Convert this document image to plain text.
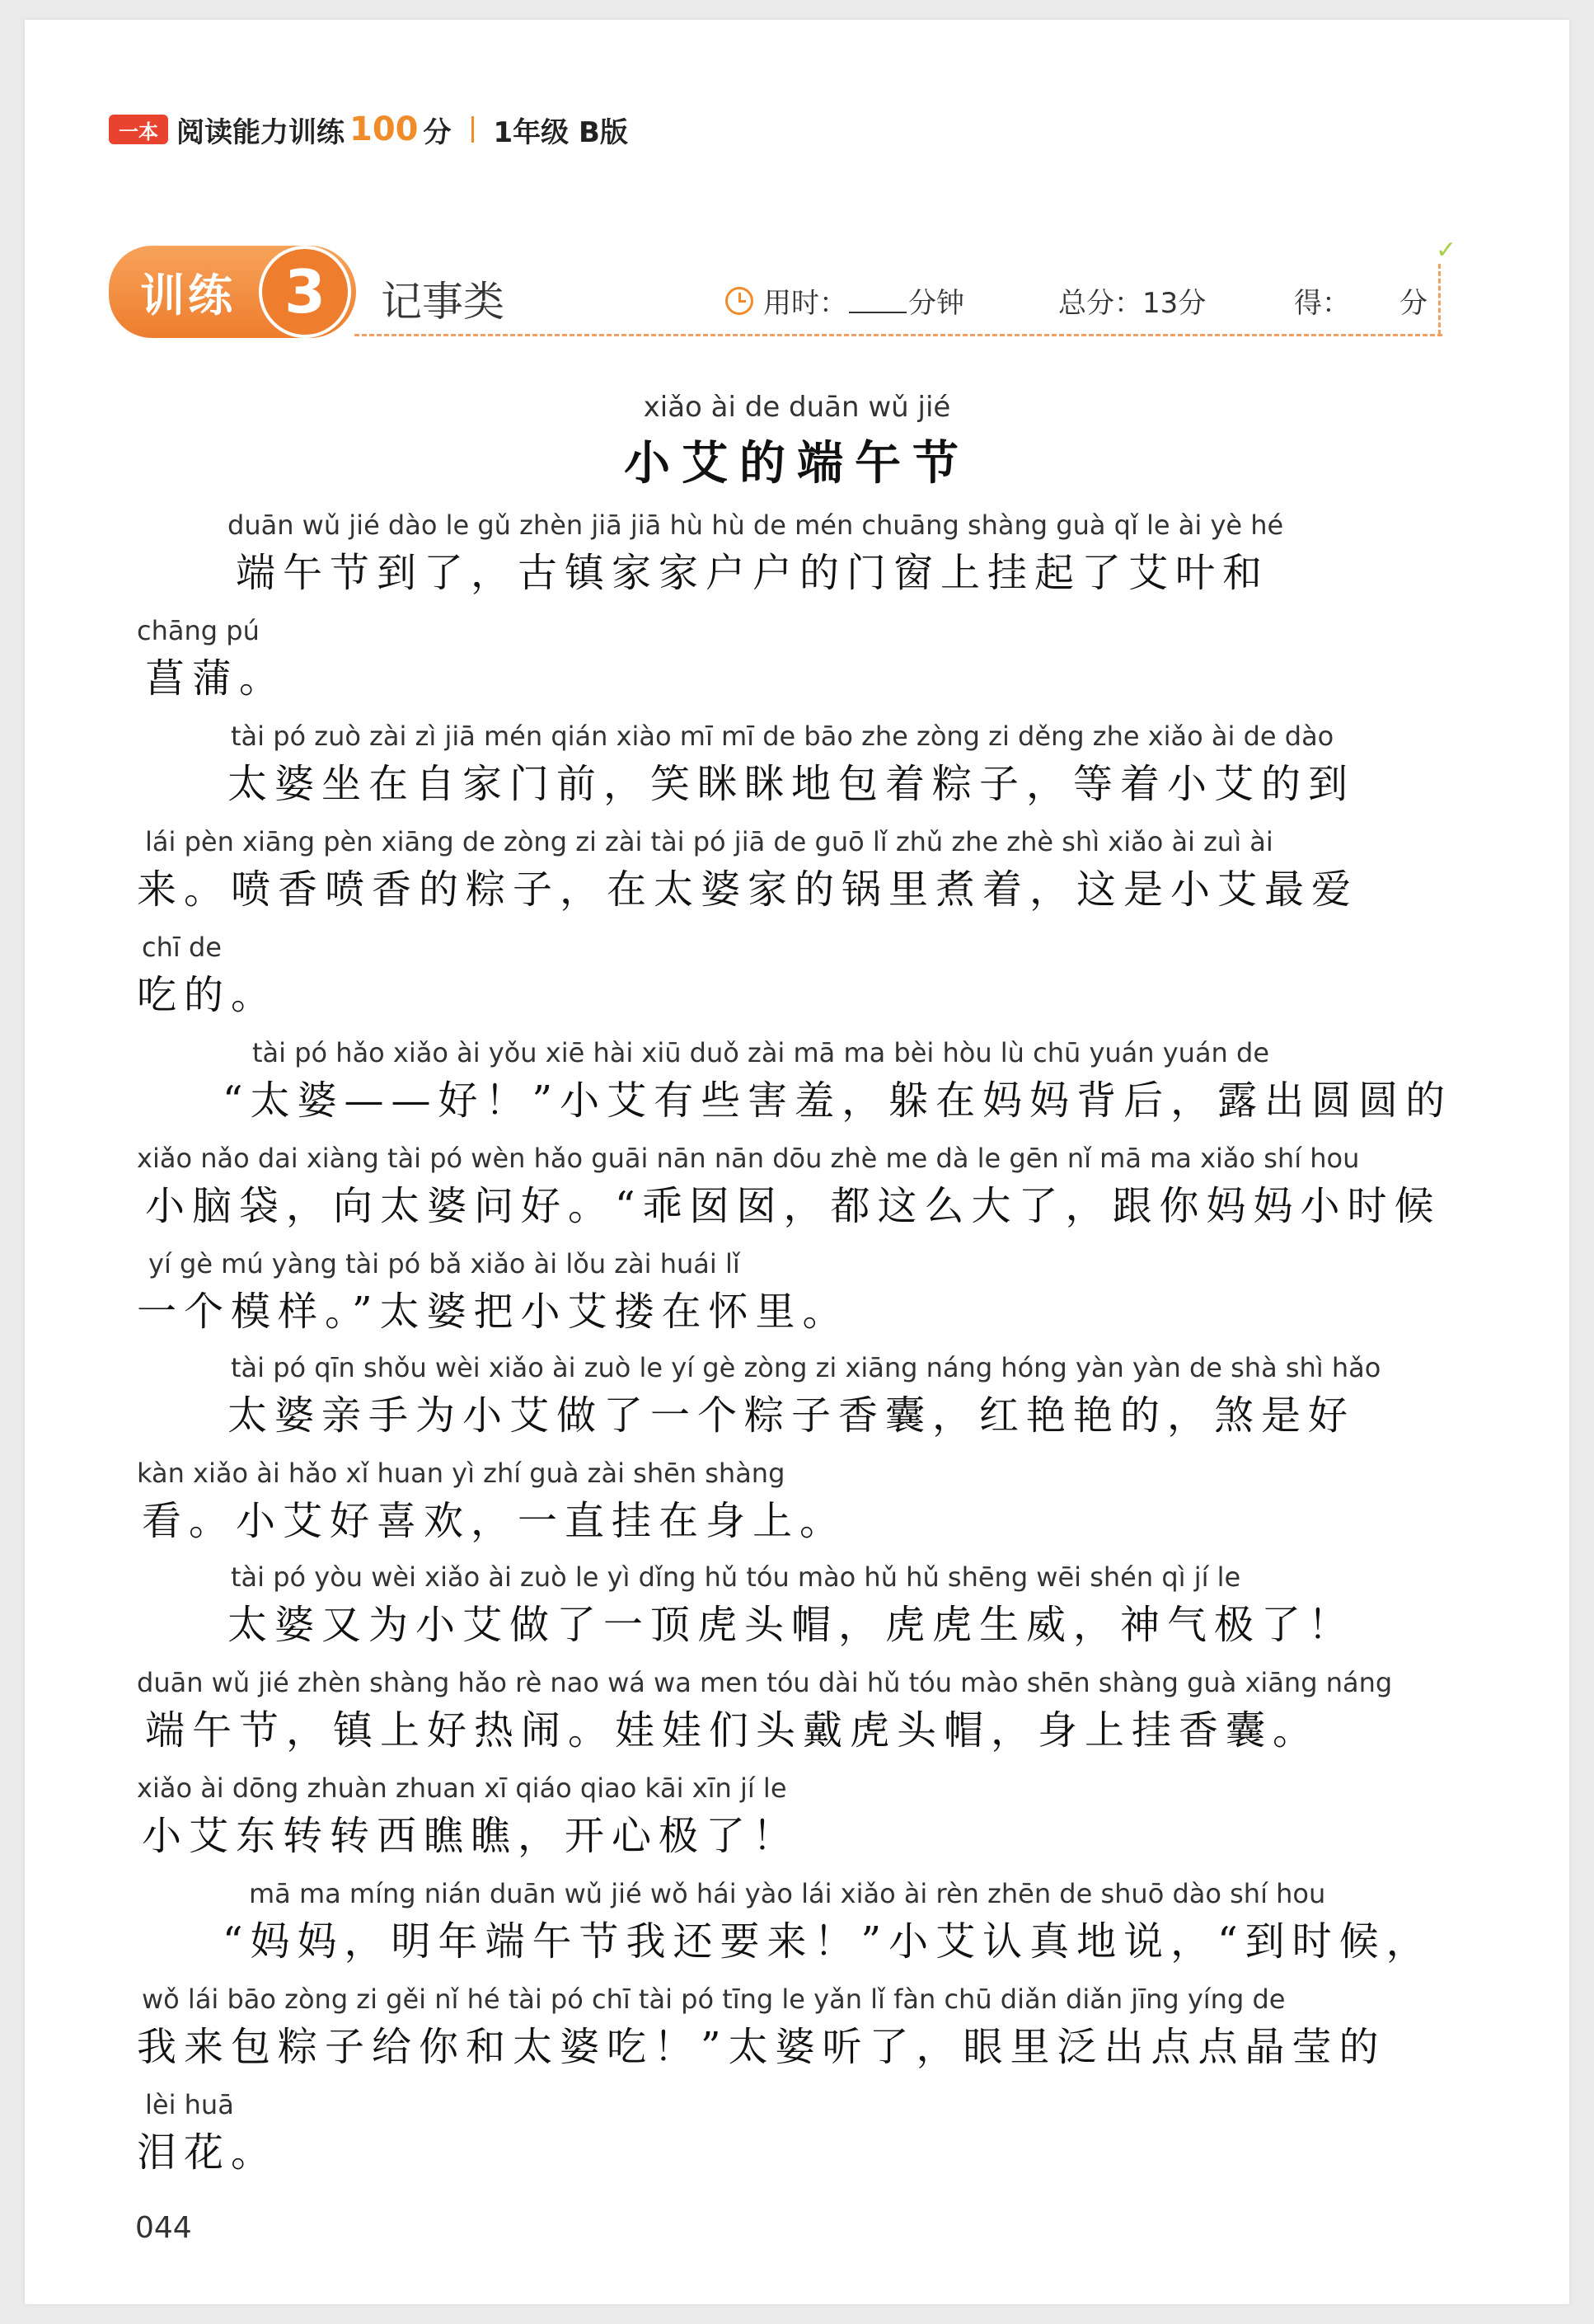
一本 阅读能力训练 100 分 1年级 B版
训练 3	记事类
✓
用时： 分钟	总分：13分	得： 分
xiǎo ài de duān wǔ jié
小艾的端午节
duān wǔ jié dào le gǔ zhèn jiā jiā hù hù de mén chuāng shàng guà qǐ le ài yè hé
端午节到了，古镇家家户户的门窗上挂起了艾叶和
chāng pú
菖蒲。
tài pó zuò zài zì jiā mén qián xiào mī mī de bāo zhe zòng zi děng zhe xiǎo ài de dào
太婆坐在自家门前，笑眯眯地包着粽子，等着小艾的到
lái pèn xiāng pèn xiāng de zòng zi zài tài pó jiā de guō lǐ zhǔ zhe zhè shì xiǎo ài zuì ài
来。喷香喷香的粽子，在太婆家的锅里煮着，这是小艾最爱
chī de
吃的。
tài pó hǎo xiǎo ài yǒu xiē hài xiū duǒ zài mā ma bèi hòu lù chū yuán yuán de
“太婆——好！”小艾有些害羞，躲在妈妈背后，露出圆圆的
xiǎo nǎo dai xiàng tài pó wèn hǎo guāi nān nān dōu zhè me dà le gēn nǐ mā ma xiǎo shí hou
小脑袋，向太婆问好。“乖囡囡，都这么大了，跟你妈妈小时候
yí gè mú yàng tài pó bǎ xiǎo ài lǒu zài huái lǐ
一个模样。”太婆把小艾搂在怀里。
tài pó qīn shǒu wèi xiǎo ài zuò le yí gè zòng zi xiāng náng hóng yàn yàn de shà shì hǎo
太婆亲手为小艾做了一个粽子香囊，红艳艳的，煞是好
kàn xiǎo ài hǎo xǐ huan yì zhí guà zài shēn shàng
看。小艾好喜欢，一直挂在身上。
tài pó yòu wèi xiǎo ài zuò le yì dǐng hǔ tóu mào hǔ hǔ shēng wēi shén qì jí le
太婆又为小艾做了一顶虎头帽，虎虎生威，神气极了！
duān wǔ jié zhèn shàng hǎo rè nao wá wa men tóu dài hǔ tóu mào shēn shàng guà xiāng náng
端午节，镇上好热闹。娃娃们头戴虎头帽，身上挂香囊。
xiǎo ài dōng zhuàn zhuan xī qiáo qiao kāi xīn jí le
小艾东转转西瞧瞧，开心极了！
mā ma míng nián duān wǔ jié wǒ hái yào lái xiǎo ài rèn zhēn de shuō dào shí hou
“妈妈，明年端午节我还要来！”小艾认真地说，“到时候，
wǒ lái bāo zòng zi gěi nǐ hé tài pó chī tài pó tīng le yǎn lǐ fàn chū diǎn diǎn jīng yíng de
我来包粽子给你和太婆吃！”太婆听了，眼里泛出点点晶莹的
lèi huā
泪花。
044
